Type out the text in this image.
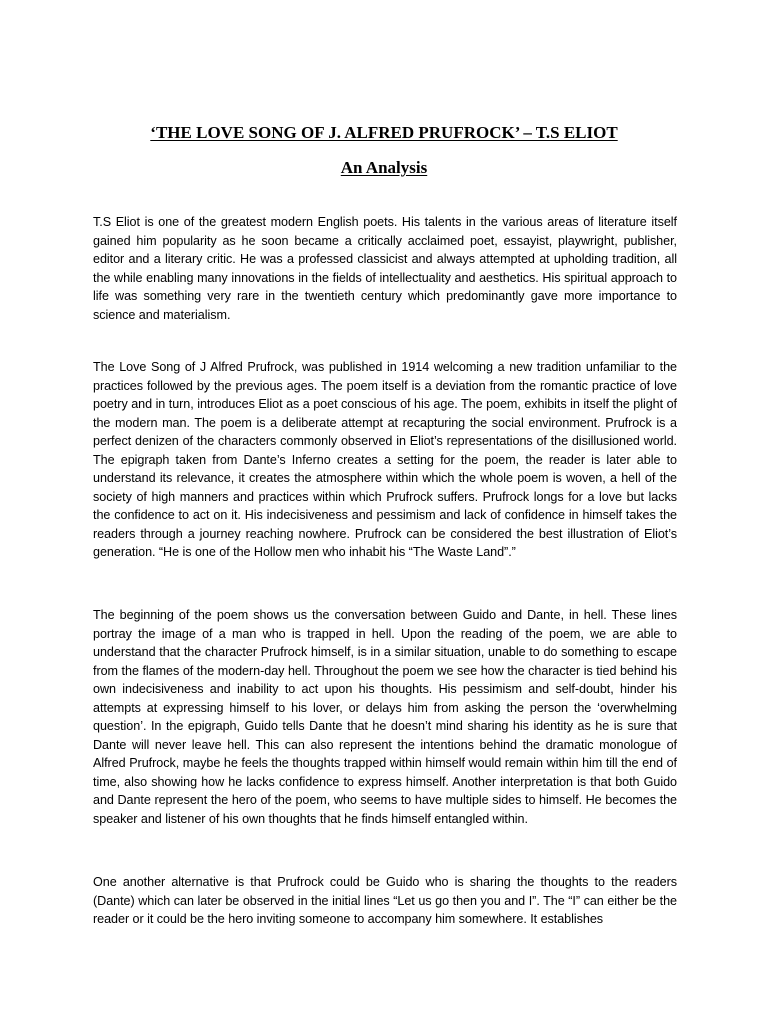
‘THE LOVE SONG OF J. ALFRED PRUFROCK’ – T.S ELIOT
An Analysis

T.S Eliot is one of the greatest modern English poets. His talents in the various areas of literature itself gained him popularity as he soon became a critically acclaimed poet, essayist, playwright, publisher, editor and a literary critic. He was a professed classicist and always attempted at upholding tradition, all the while enabling many innovations in the fields of intellectuality and aesthetics. His spiritual approach to life was something very rare in the twentieth century which predominantly gave more importance to science and materialism.

The Love Song of J Alfred Prufrock, was published in 1914 welcoming a new tradition unfamiliar to the practices followed by the previous ages. The poem itself is a deviation from the romantic practice of love poetry and in turn, introduces Eliot as a poet conscious of his age. The poem, exhibits in itself the plight of the modern man. The poem is a deliberate attempt at recapturing the social environment. Prufrock is a perfect denizen of the characters commonly observed in Eliot’s representations of the disillusioned world. The epigraph taken from Dante’s Inferno creates a setting for the poem, the reader is later able to understand its relevance, it creates the atmosphere within which the whole poem is woven, a hell of the society of high manners and practices within which Prufrock suffers. Prufrock longs for a love but lacks the confidence to act on it. His indecisiveness and pessimism and lack of confidence in himself takes the readers through a journey reaching nowhere. Prufrock can be considered the best illustration of Eliot’s generation. “He is one of the Hollow men who inhabit his “The Waste Land”.”

The beginning of the poem shows us the conversation between Guido and Dante, in hell. These lines portray the image of a man who is trapped in hell. Upon the reading of the poem, we are able to understand that the character Prufrock himself, is in a similar situation, unable to do something to escape from the flames of the modern-day hell. Throughout the poem we see how the character is tied behind his own indecisiveness and inability to act upon his thoughts. His pessimism and self-doubt, hinder his attempts at expressing himself to his lover, or delays him from asking the person the ‘overwhelming question’. In the epigraph, Guido tells Dante that he doesn’t mind sharing his identity as he is sure that Dante will never leave hell. This can also represent the intentions behind the dramatic monologue of Alfred Prufrock, maybe he feels the thoughts trapped within himself would remain within him till the end of time, also showing how he lacks confidence to express himself. Another interpretation is that both Guido and Dante represent the hero of the poem, who seems to have multiple sides to himself. He becomes the speaker and listener of his own thoughts that he finds himself entangled within.

One another alternative is that Prufrock could be Guido who is sharing the thoughts to the readers (Dante) which can later be observed in the initial lines “Let us go then you and I”. The “I” can either be the reader or it could be the hero inviting someone to accompany him somewhere. It establishes
